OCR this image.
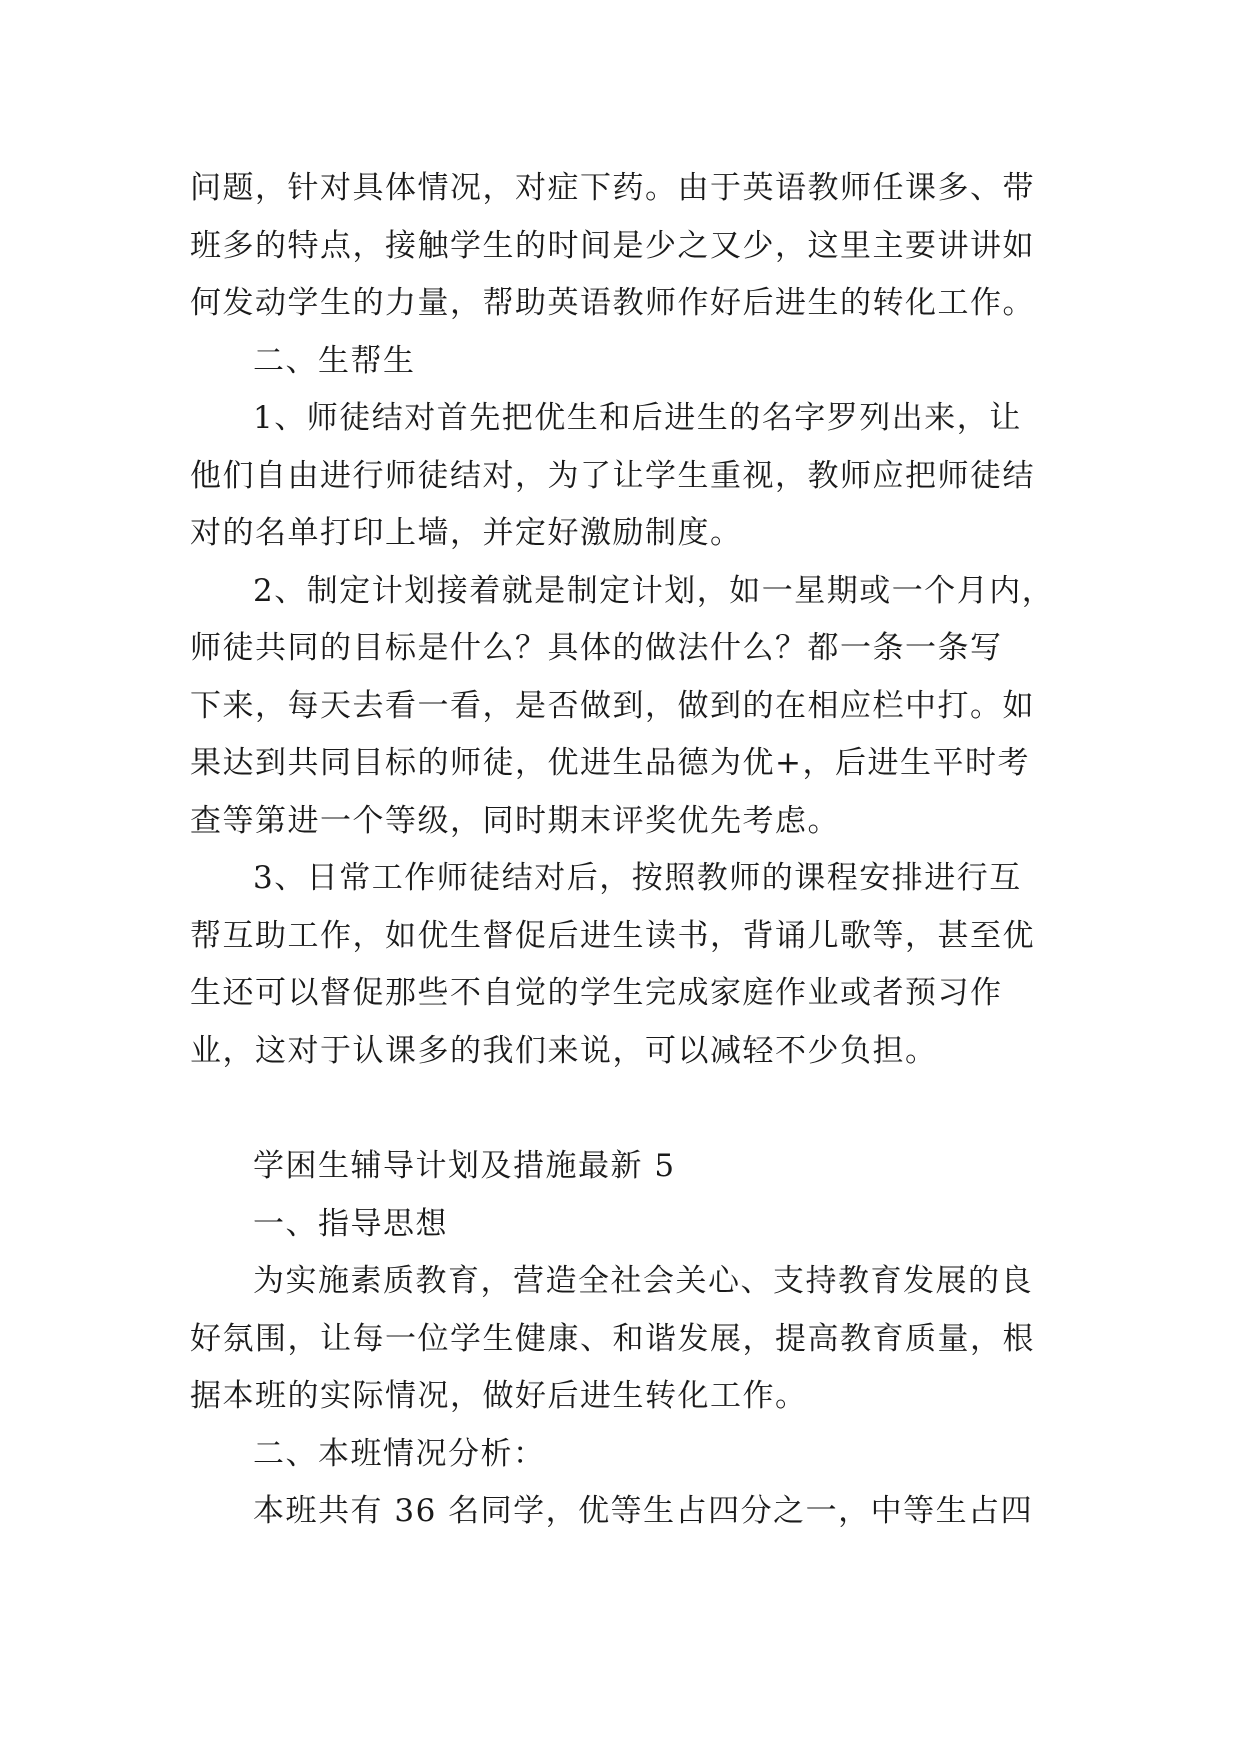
问题，针对具体情况，对症下药。由于英语教师任课多、带

班多的特点，接触学生的时间是少之又少，这里主要讲讲如

何发动学生的力量，帮助英语教师作好后进生的转化工作。

二、生帮生

1、师徒结对首先把优生和后进生的名字罗列出来，让

他们自由进行师徒结对，为了让学生重视，教师应把师徒结

对的名单打印上墙，并定好激励制度。

2、制定计划接着就是制定计划，如一星期或一个月内，

师徒共同的目标是什么？具体的做法什么？都一条一条写

下来，每天去看一看，是否做到，做到的在相应栏中打。如

果达到共同目标的师徒，优进生品德为优+，后进生平时考

查等第进一个等级，同时期末评奖优先考虑。

3、日常工作师徒结对后，按照教师的课程安排进行互

帮互助工作，如优生督促后进生读书，背诵儿歌等，甚至优

生还可以督促那些不自觉的学生完成家庭作业或者预习作

业，这对于认课多的我们来说，可以减轻不少负担。

学困生辅导计划及措施最新 5

一、指导思想

为实施素质教育，营造全社会关心、支持教育发展的良

好氛围，让每一位学生健康、和谐发展，提高教育质量，根

据本班的实际情况，做好后进生转化工作。

二、本班情况分析：

本班共有 36 名同学，优等生占四分之一，中等生占四
